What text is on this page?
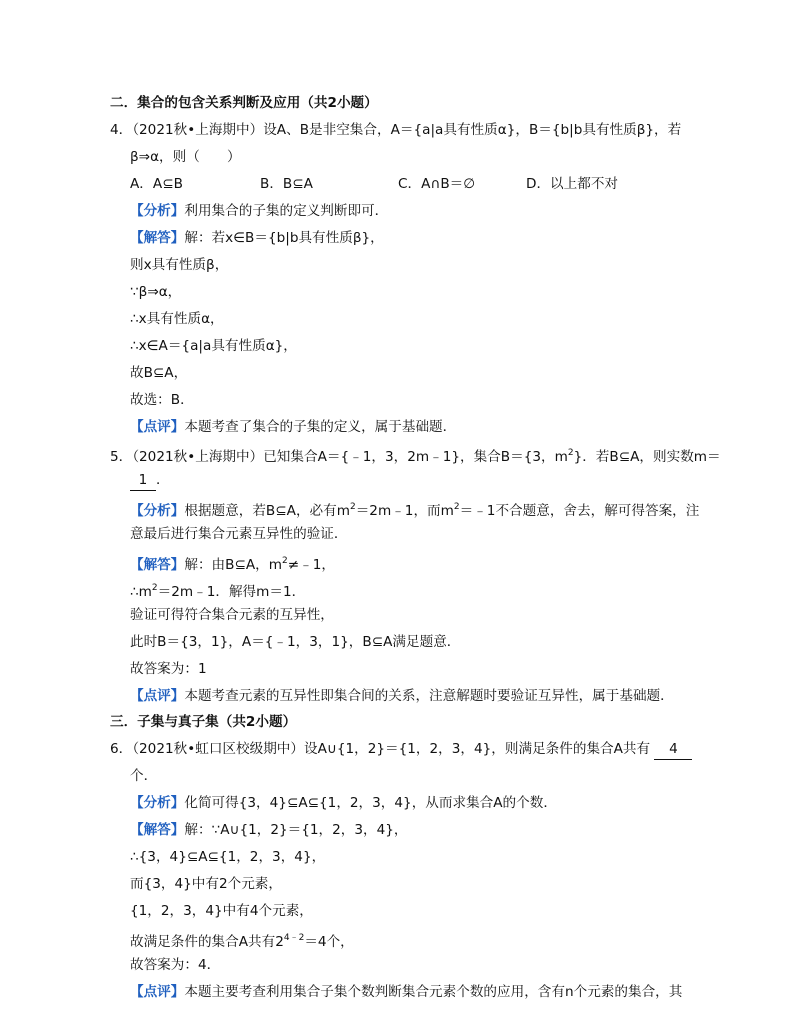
二．集合的包含关系判断及应用（共2小题）
4．（2021秋•上海期中）设A、B是非空集合，A＝{a|a具有性质α}，B＝{b|b具有性质β}，若
β⇒α，则（　　）
A．A⊆B	B．B⊆A	C．A∩B＝∅	D．以上都不对
【分析】利用集合的子集的定义判断即可．
【解答】解：若x∈B＝{b|b具有性质β}，
则x具有性质β，
∵β⇒α，
∴x具有性质α，
∴x∈A＝{a|a具有性质α}，
故B⊆A，
故选：B．
【点评】本题考查了集合的子集的定义，属于基础题．
5．（2021秋•上海期中）已知集合A＝{﹣1，3，2m﹣1}，集合B＝{3，$m^2$}．若B⊆A，则实数m＝
1 ．
【分析】根据题意，若B⊆A，必有$m^2=2m﹣1$，而$m^2=﹣1$不合题意，舍去，解可得答案，注
意最后进行集合元素互异性的验证．
【解答】解：由B⊆A，$m^2\ne﹣1$，
$\therefore m^2=2m﹣1$．解得m＝1．
验证可得符合集合元素的互异性，
此时B＝{3，1}，A＝{﹣1，3，1}，B⊆A满足题意．
故答案为：1
【点评】本题考查元素的互异性即集合间的关系，注意解题时要验证互异性，属于基础题．
三．子集与真子集（共2小题）
6．（2021秋•虹口区校级期中）设A∪{1，2}＝{1，2，3，4}，则满足条件的集合A共有 4
个．
【分析】化简可得{3，4}⊆A⊆{1，2，3，4}，从而求集合A的个数．
【解答】解：∵A∪{1，2}＝{1，2，3，4}，
∴{3，4}⊆A⊆{1，2，3，4}，
而{3，4}中有2个元素，
{1，2，3，4}中有4个元素，
故满足条件的集合A共有$2^{4﹣2}=4$个，
故答案为：4．
【点评】本题主要考查利用集合子集个数判断集合元素个数的应用，含有n个元素的集合，其
